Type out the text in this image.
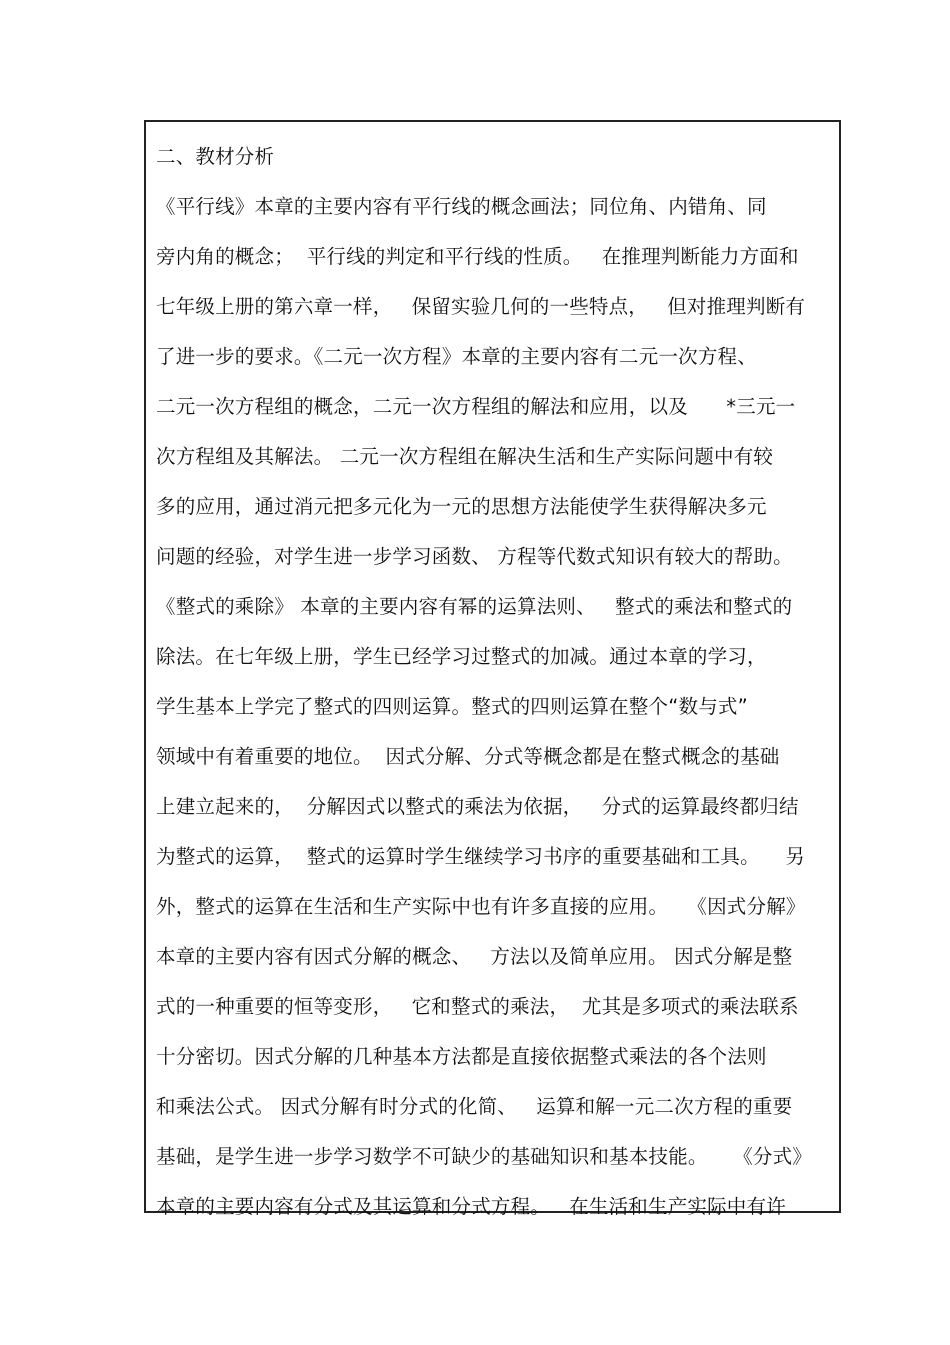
二、教材分析
《平行线》本章的主要内容有平行线的概念画法；同位角、内错角、同
旁内角的概念；  平行线的判定和平行线的性质。   在推理判断能力方面和
七年级上册的第六章一样，   保留实验几何的一些特点，   但对推理判断有
了进一步的要求。《二元一次方程》本章的主要内容有二元一次方程、
二元一次方程组的概念，二元一次方程组的解法和应用，以及      *三元一
次方程组及其解法。 二元一次方程组在解决生活和生产实际问题中有较
多的应用，通过消元把多元化为一元的思想方法能使学生获得解决多元
问题的经验，对学生进一步学习函数、 方程等代数式知识有较大的帮助。
《整式的乘除》 本章的主要内容有幂的运算法则、   整式的乘法和整式的
除法。在七年级上册，学生已经学习过整式的加减。通过本章的学习，
学生基本上学完了整式的四则运算。整式的四则运算在整个“数与式”
领域中有着重要的地位。  因式分解、分式等概念都是在整式概念的基础
上建立起来的，  分解因式以整式的乘法为依据，   分式的运算最终都归结
为整式的运算，  整式的运算时学生继续学习书序的重要基础和工具。    另
外，整式的运算在生活和生产实际中也有许多直接的应用。   《因式分解》
本章的主要内容有因式分解的概念、   方法以及简单应用。 因式分解是整
式的一种重要的恒等变形，   它和整式的乘法，  尤其是多项式的乘法联系
十分密切。因式分解的几种基本方法都是直接依据整式乘法的各个法则
和乘法公式。 因式分解有时分式的化简、   运算和解一元二次方程的重要
基础，是学生进一步学习数学不可缺少的基础知识和基本技能。    《分式》
本章的主要内容有分式及其运算和分式方程。   在生活和生产实际中有许
